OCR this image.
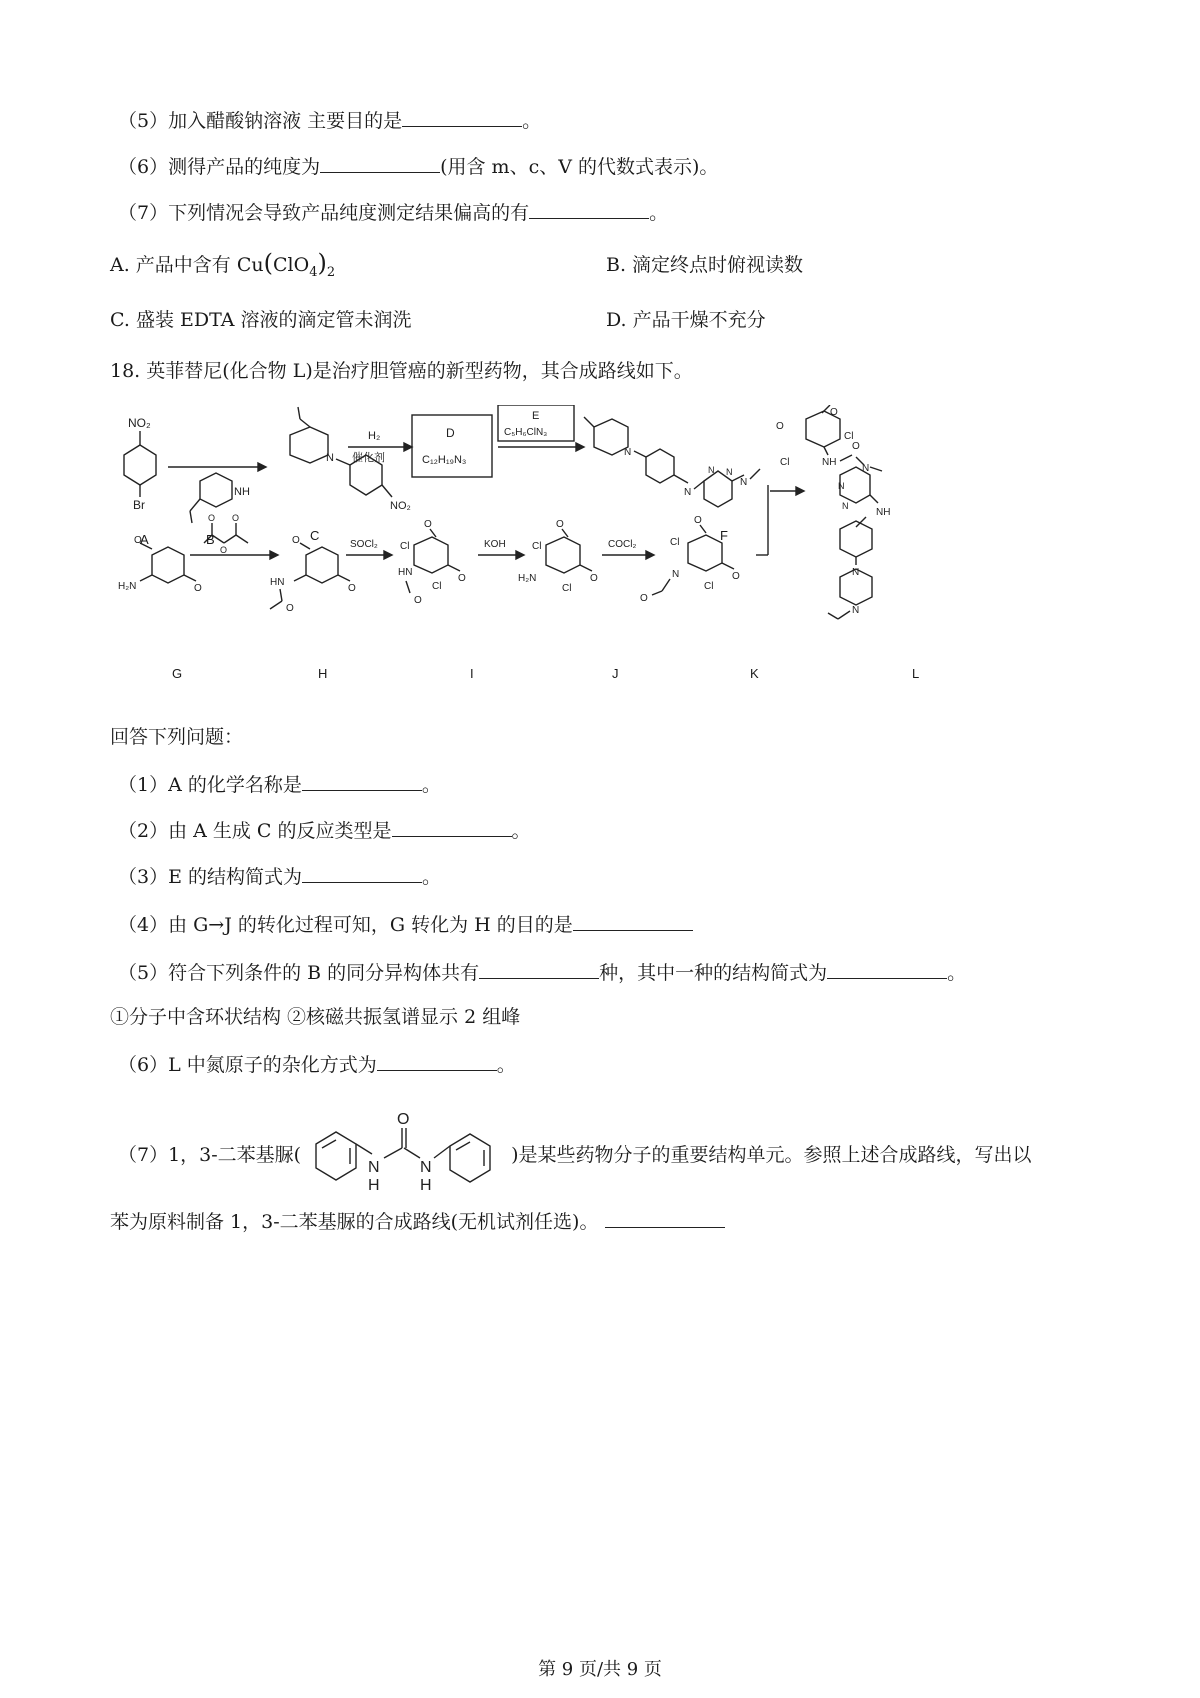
（5）加入醋酸钠溶液 主要目的是	。
（6）测得产品的纯度为	(用含 m、c、V 的代数式表示)。
（7）下列情况会导致产品纯度测定结果偏高的有	。
A. 产品中含有 $Cu(ClO_4)_2$	B. 滴定终点时俯视读数
C. 盛装 EDTA 溶液的滴定管未润洗	D. 产品干燥不充分
18. 英菲替尼(化合物 L)是治疗胆管癌的新型药物，其合成路线如下。
NO₂
Br
NH
N
NO₂
H₂
催化剂
D
C₁₂H₁₉N₃
E
C₅H₆ClN₃
N
N
N N
N
O
Cl
O
Cl	NH
O
N
N
N
NH
N
N
O
O
H₂N
O O
O
O
O
HN
O
SOCl₂
O
Cl
O
HN
Cl
O
KOH
O
Cl
O
H₂N
Cl
COCl₂
O
Cl
O
N
Cl
O
A	B	C	F
G	H	I	J	K	L
回答下列问题：
（1）A 的化学名称是	。
（2）由 A 生成 C 的反应类型是	。
（3）E 的结构简式为	。
（4）由 G→J 的转化过程可知，G 转化为 H 的目的是
（5）符合下列条件的 B 的同分异构体共有	种，其中一种的结构简式为	。
①分子中含环状结构 ②核磁共振氢谱显示 2 组峰
（6）L 中氮原子的杂化方式为	。
（7）1，3-二苯基脲(	)是某些药物分子的重要结构单元。参照上述合成路线，写出以
N
H
O
N
H
苯为原料制备 1，3-二苯基脲的合成路线(无机试剂任选)。
第 9 页/共 9 页
